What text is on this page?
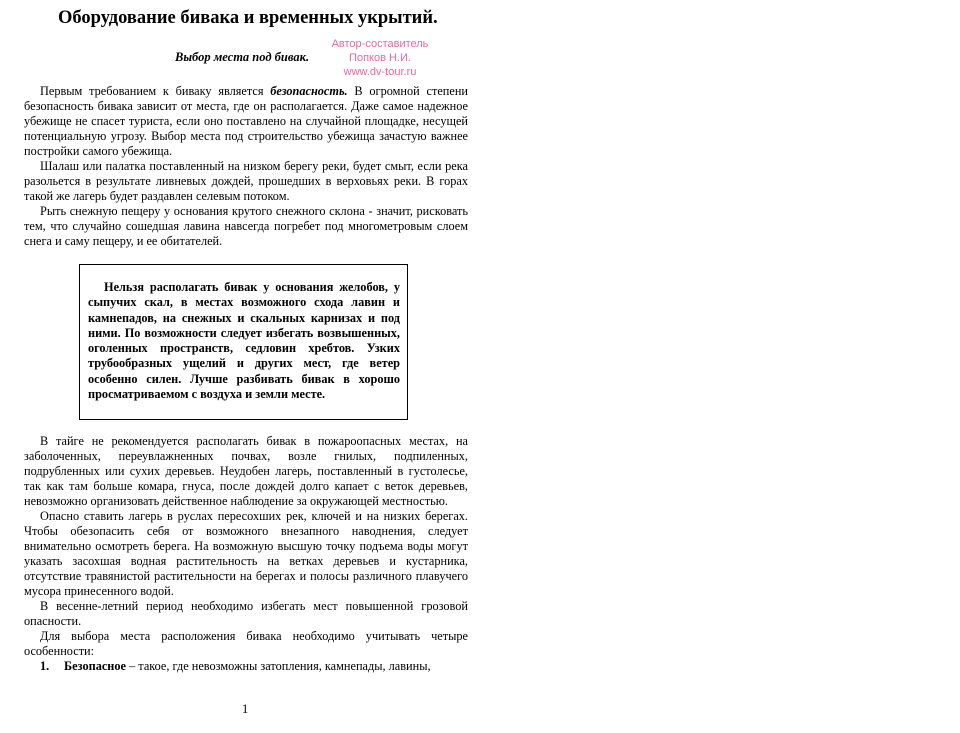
Оборудование бивака и временных укрытий.
Выбор места под бивак.
Автор-составитель
Попков Н.И.
www.dv-tour.ru

Первым требованием к биваку является безопасность. В огромной степени безопасность бивака зависит от места, где он располагается. Даже самое надежное убежище не спасет туриста, если оно поставлено на случайной площадке, несущей потенциальную угрозу. Выбор места под строительство убежища зачастую важнее постройки самого убежища.

Шалаш или палатка поставленный на низком берегу реки, будет смыт, если река разольется в результате ливневых дождей, прошедших в верховьях реки. В горах такой же лагерь будет раздавлен селевым потоком.

Рыть снежную пещеру у основания крутого снежного склона - значит, рисковать тем, что случайно сошедшая лавина навсегда погребет под многометровым слоем снега и саму пещеру, и ее обитателей.

Нельзя располагать бивак у основания желобов, у сыпучих скал, в местах возможного схода лавин и камнепадов, на снежных и скальных карнизах и под ними. По возможности следует избегать возвышенных, оголенных пространств, седловин хребтов. Узких трубообразных ущелий и других мест, где ветер особенно силен. Лучше разбивать бивак в хорошо просматриваемом с воздуха и земли месте.

В тайге не рекомендуется располагать бивак в пожароопасных местах, на заболоченных, переувлажненных почвах, возле гнилых, подпиленных, подрубленных или сухих деревьев. Неудобен лагерь, поставленный в густолесье, так как там больше комара, гнуса, после дождей долго капает с веток деревьев, невозможно организовать действенное наблюдение за окружающей местностью.

Опасно ставить лагерь в руслах пересохших рек, ключей и на низких берегах. Чтобы обезопасить себя от возможного внезапного наводнения, следует внимательно осмотреть берега. На возможную высшую точку подъема воды могут указать засохшая водная растительность на ветках деревьев и кустарника, отсутствие травянистой растительности на берегах и полосы различного плавучего мусора принесенного водой.

В весенне-летний период необходимо избегать мест повышенной грозовой опасности.

Для выбора места расположения бивака необходимо учитывать четыре особенности:

1. Безопасное – такое, где невозможны затопления, камнепады, лавины,
1
